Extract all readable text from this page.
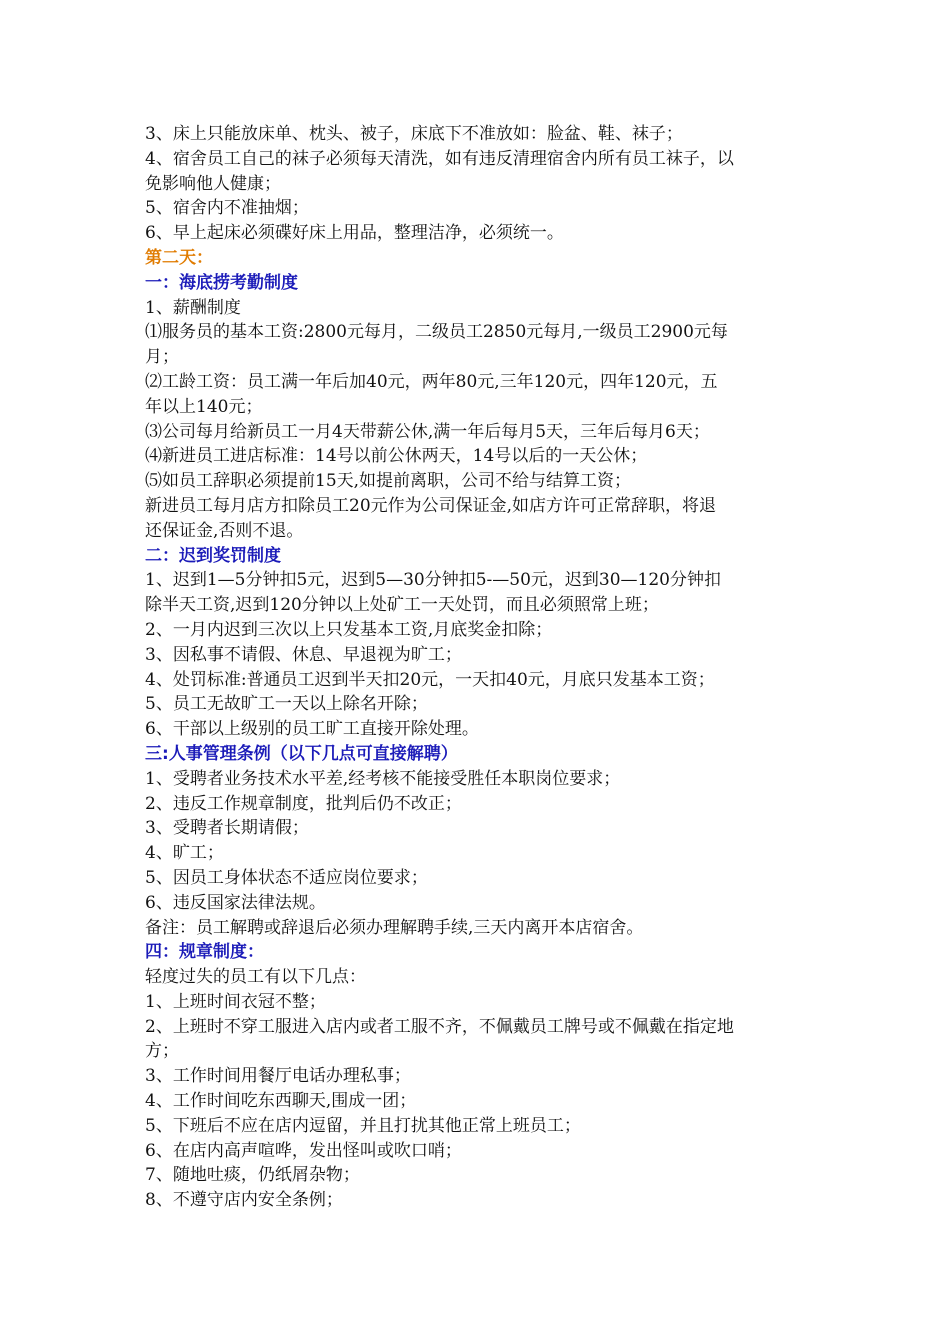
3、床上只能放床单、枕头、被子，床底下不准放如：脸盆、鞋、袜子；

4、宿舍员工自己的袜子必须每天清洗，如有违反清理宿舍内所有员工袜子，以

免影响他人健康；

5、宿舍内不准抽烟；

6、早上起床必须碟好床上用品，整理洁净，必须统一。

第二天：

一：海底捞考勤制度

1、薪酬制度

⑴服务员的基本工资:2800元每月，二级员工2850元每月,一级员工2900元每

月；

⑵工龄工资：员工满一年后加40元，两年80元,三年120元，四年120元，五

年以上140元；

⑶公司每月给新员工一月4天带薪公休,满一年后每月5天，三年后每月6天；

⑷新进员工进店标准：14号以前公休两天，14号以后的一天公休；

⑸如员工辞职必须提前15天,如提前离职，公司不给与结算工资；

新进员工每月店方扣除员工20元作为公司保证金,如店方许可正常辞职，将退

还保证金,否则不退。

二：迟到奖罚制度

1、迟到1—5分钟扣5元，迟到5—30分钟扣5-—50元，迟到30—120分钟扣

除半天工资,迟到120分钟以上处矿工一天处罚，而且必须照常上班；

2、一月内迟到三次以上只发基本工资,月底奖金扣除；

3、因私事不请假、休息、早退视为旷工；

4、处罚标准:普通员工迟到半天扣20元，一天扣40元，月底只发基本工资；

5、员工无故旷工一天以上除名开除；

6、干部以上级别的员工旷工直接开除处理。

三:人事管理条例（以下几点可直接解聘）

1、受聘者业务技术水平差,经考核不能接受胜任本职岗位要求；

2、违反工作规章制度，批判后仍不改正；

3、受聘者长期请假；

4、旷工；

5、因员工身体状态不适应岗位要求；

6、违反国家法律法规。

备注：员工解聘或辞退后必须办理解聘手续,三天内离开本店宿舍。

四：规章制度：

轻度过失的员工有以下几点：

1、上班时间衣冠不整；

2、上班时不穿工服进入店内或者工服不齐，不佩戴员工牌号或不佩戴在指定地

方；

3、工作时间用餐厅电话办理私事；

4、工作时间吃东西聊天,围成一团；

5、下班后不应在店内逗留，并且打扰其他正常上班员工；

6、在店内高声喧哗，发出怪叫或吹口哨；

7、随地吐痰，仍纸屑杂物；

8、不遵守店内安全条例；
